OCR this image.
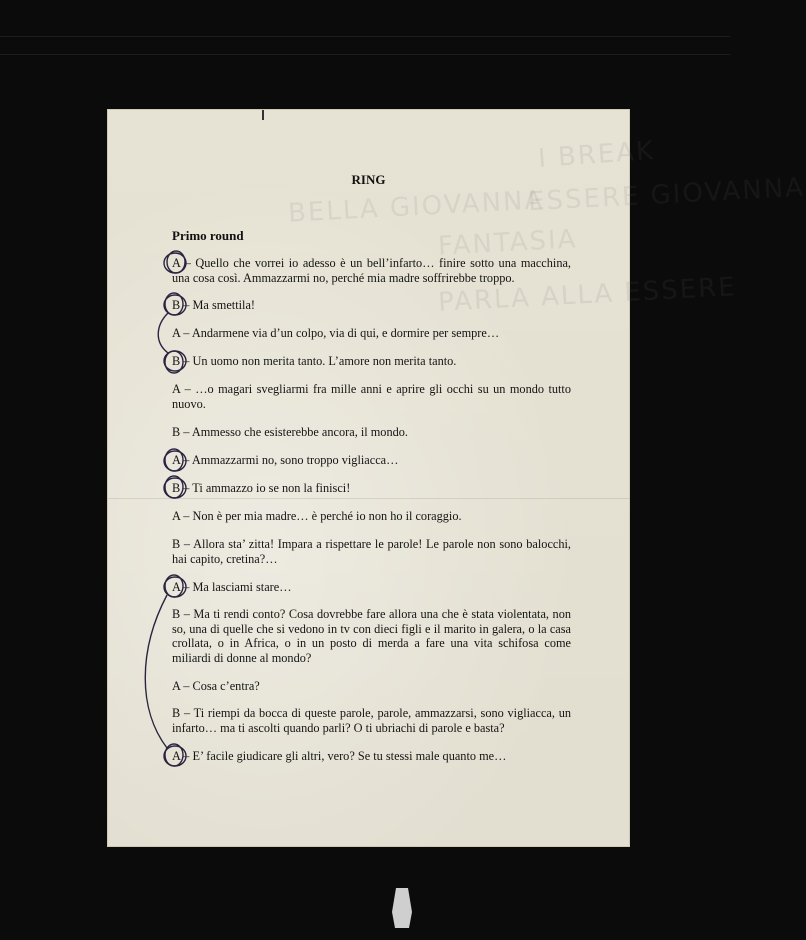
I BREAK
ESSERE GIOVANNA
BELLA GIOVANNA
FANTASIA
PARLA ALLA ESSERE
RING
Primo round
A – Quello che vorrei io adesso è un bell’infarto… finire sotto una macchina, una cosa così. Ammazzarmi no, perché mia madre soffrirebbe troppo.
B – Ma smettila!
A – Andarmene via d’un colpo, via di qui, e dormire per sempre…
B – Un uomo non merita tanto. L’amore non merita tanto.
A – …o magari svegliarmi fra mille anni e aprire gli occhi su un mondo tutto nuovo.
B – Ammesso che esisterebbe ancora, il mondo.
A – Ammazzarmi no, sono troppo vigliacca…
B – Ti ammazzo io se non la finisci!
A – Non è per mia madre… è perché io non ho il coraggio.
B – Allora sta’ zitta! Impara a rispettare le parole! Le parole non sono balocchi, hai capito, cretina?…
A – Ma lasciami stare…
B – Ma ti rendi conto? Cosa dovrebbe fare allora una che è stata violentata, non so, una di quelle che si vedono in tv con dieci figli e il marito in galera, o la casa crollata, o in Africa, o in un posto di merda a fare una vita schifosa come miliardi di donne al mondo?
A – Cosa c’entra?
B – Ti riempi da bocca di queste parole, parole, ammazzarsi, sono vigliacca, un infarto… ma ti ascolti quando parli? O ti ubriachi di parole e basta?
A – E’ facile giudicare gli altri, vero? Se tu stessi male quanto me…
